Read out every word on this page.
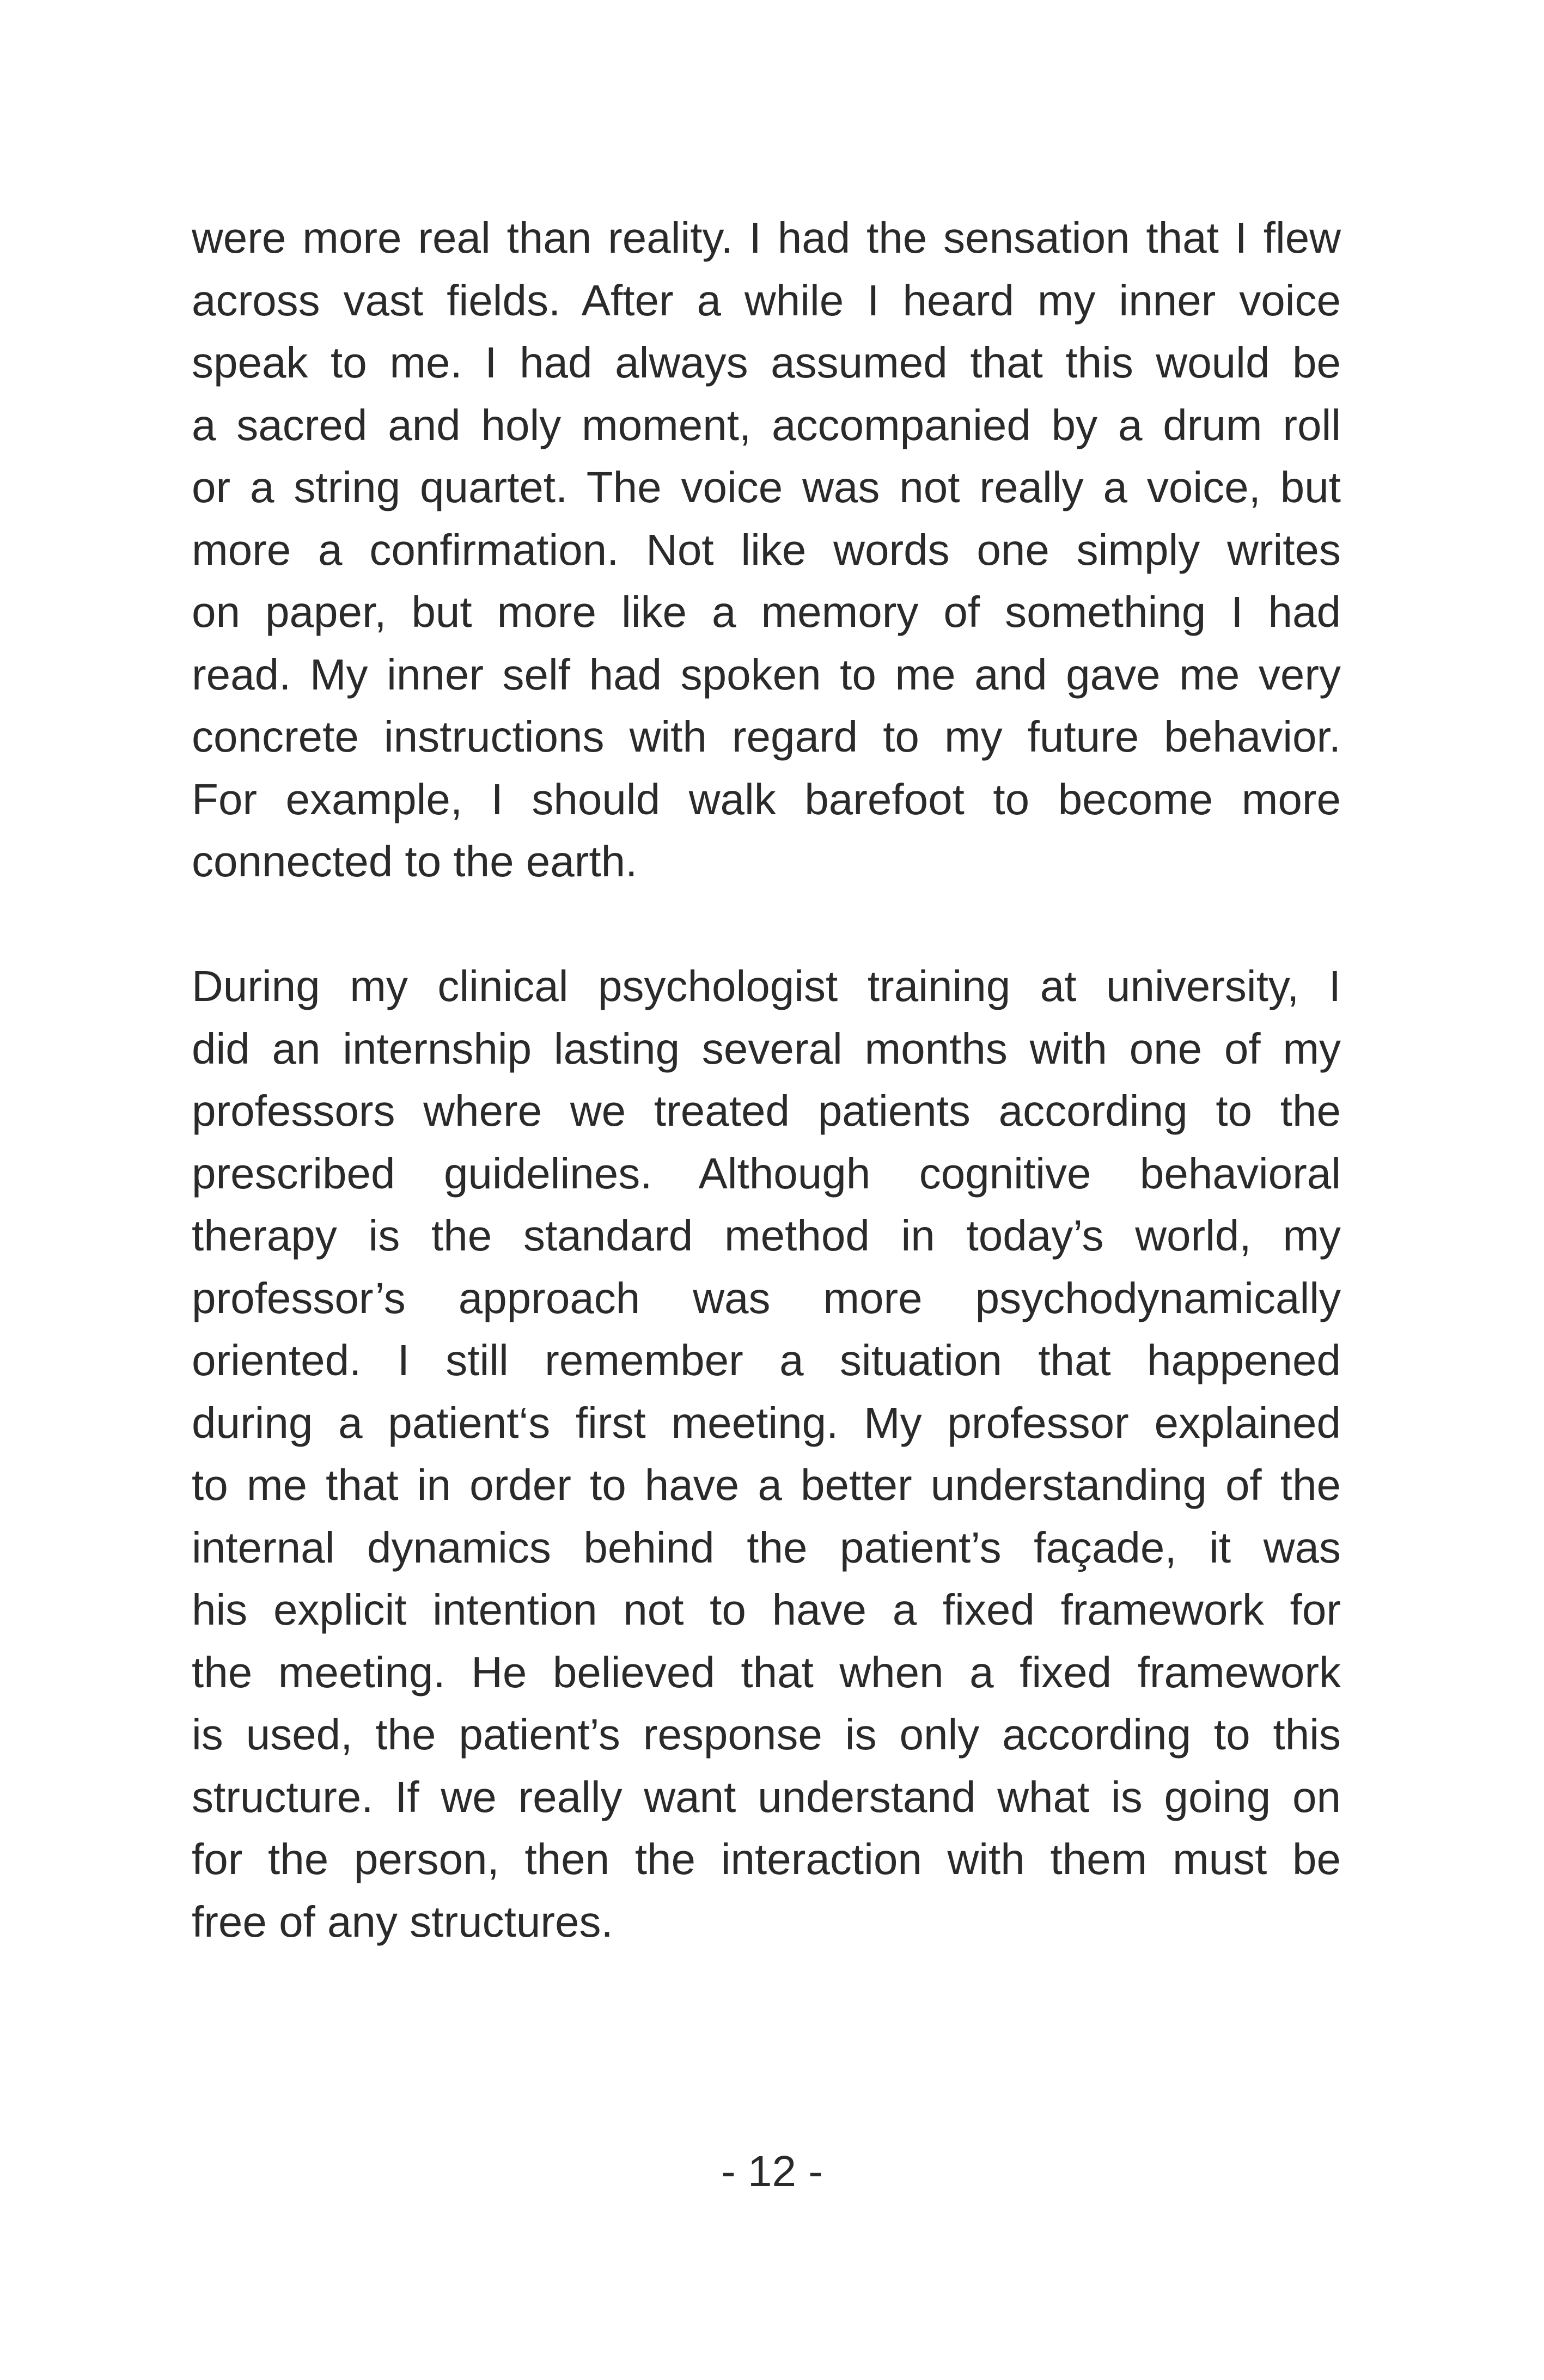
were more real than reality. I had the sensation that I flew
across vast fields. After a while I heard my inner voice
speak to me. I had always assumed that this would be
a sacred and holy moment, accompanied by a drum roll
or a string quartet. The voice was not really a voice, but
more a confirmation. Not like words one simply writes
on paper, but more like a memory of something I had
read. My inner self had spoken to me and gave me very
concrete instructions with regard to my future behavior.
For example, I should walk barefoot to become more
connected to the earth.

During my clinical psychologist training at university, I
did an internship lasting several months with one of my
professors where we treated patients according to the
prescribed guidelines. Although cognitive behavioral
therapy is the standard method in today’s world, my
professor’s approach was more psychodynamically
oriented. I still remember a situation that happened
during a patient‘s first meeting. My professor explained
to me that in order to have a better understanding of the
internal dynamics behind the patient’s façade, it was
his explicit intention not to have a fixed framework for
the meeting. He believed that when a fixed framework
is used, the patient’s response is only according to this
structure. If we really want understand what is going on
for the person, then the interaction with them must be
free of any structures.

- 12 -
